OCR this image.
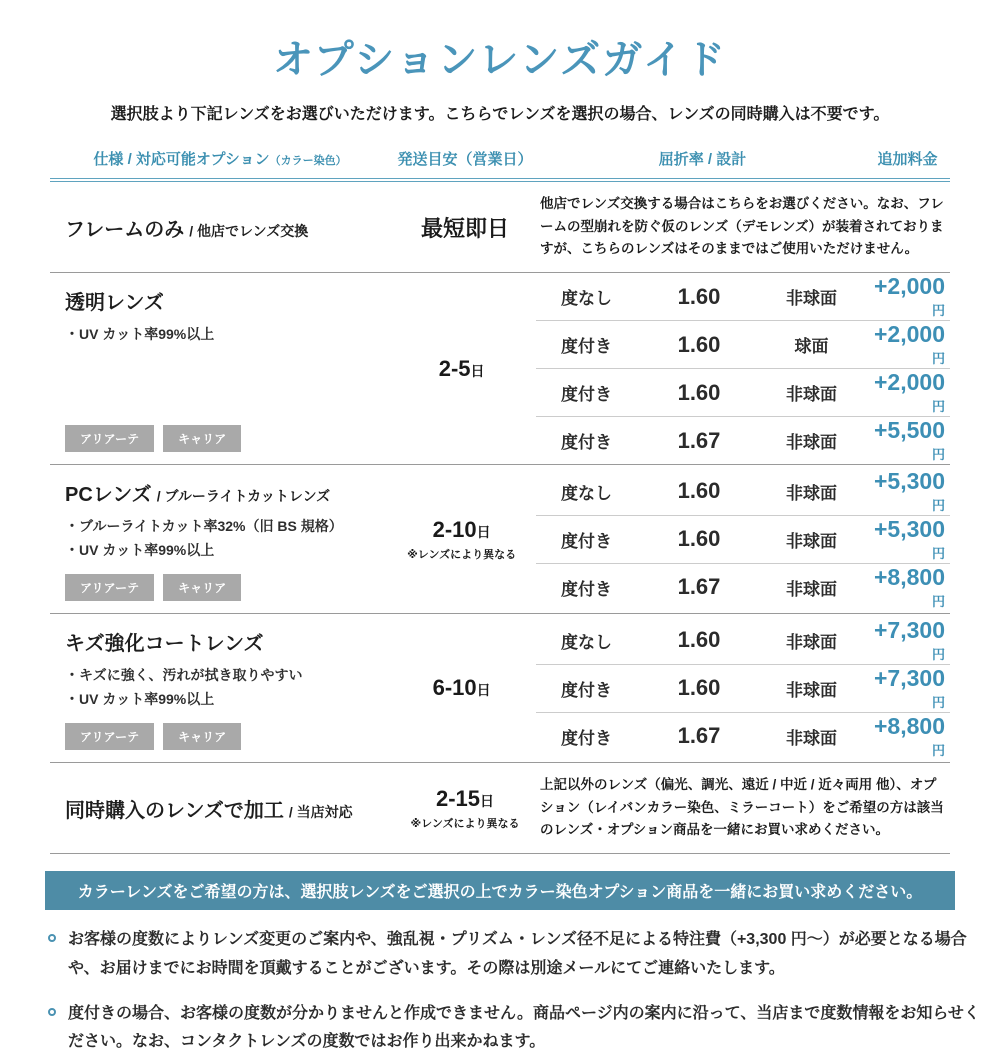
オプションレンズガイド
選択肢より下記レンズをお選びいただけます。こちらでレンズを選択の場合、レンズの同時購入は不要です。
仕様 / 対応可能オプション（カラー染色）	発送目安（営業日）	屈折率 / 設計	追加料金
フレームのみ / 他店でレンズ交換	最短即日
他店でレンズ交換する場合はこちらをお選びください。なお、フレームの型崩れを防ぐ仮のレンズ（デモレンズ）が装着されておりますが、こちらのレンズはそのままではご使用いただけません。
透明レンズ
・UV カット率99%以上
アリアーテ	キャリア
2-5日
度なし	1.60	非球面	+2,000円
度付き	1.60	球面	+2,000円
度付き	1.60	非球面	+2,000円
度付き	1.67	非球面	+5,500円
PCレンズ / ブルーライトカットレンズ
・ブルーライトカット率32%（旧 BS 規格）
・UV カット率99%以上
アリアーテ	キャリア
2-10日
※レンズにより異なる
度なし	1.60	非球面	+5,300円
度付き	1.60	非球面	+5,300円
度付き	1.67	非球面	+8,800円
キズ強化コートレンズ
・キズに強く、汚れが拭き取りやすい
・UV カット率99%以上
アリアーテ	キャリア
6-10日
度なし	1.60	非球面	+7,300円
度付き	1.60	非球面	+7,300円
度付き	1.67	非球面	+8,800円
同時購入のレンズで加工 / 当店対応
2-15日
※レンズにより異なる
上記以外のレンズ（偏光、調光、遠近 / 中近 / 近々両用 他）、オプション（レイバンカラー染色、ミラーコート）をご希望の方は該当のレンズ・オプション商品を一緒にお買い求めください。
カラーレンズをご希望の方は、選択肢レンズをご選択の上でカラー染色オプション商品を一緒にお買い求めください。
お客様の度数によりレンズ変更のご案内や、強乱視・プリズム・レンズ径不足による特注費（+3,300 円〜）が必要となる場合や、お届けまでにお時間を頂戴することがございます。その際は別途メールにてご連絡いたします。
度付きの場合、お客様の度数が分かりませんと作成できません。商品ページ内の案内に沿って、当店まで度数情報をお知らせください。なお、コンタクトレンズの度数ではお作り出来かねます。
